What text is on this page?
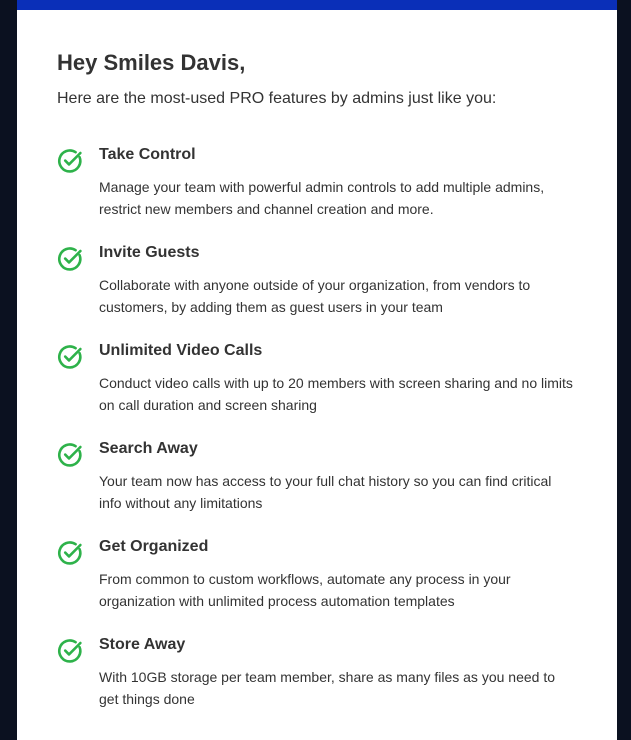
Hey Smiles Davis,

Here are the most-used PRO features by admins just like you:

Take Control

Manage your team with powerful admin controls to add multiple admins, restrict new members and channel creation and more.

Invite Guests

Collaborate with anyone outside of your organization, from vendors to customers, by adding them as guest users in your team

Unlimited Video Calls

Conduct video calls with up to 20 members with screen sharing and no limits on call duration and screen sharing

Search Away

Your team now has access to your full chat history so you can find critical info without any limitations

Get Organized

From common to custom workflows, automate any process in your organization with unlimited process automation templates

Store Away

With 10GB storage per team member, share as many files as you need to get things done
